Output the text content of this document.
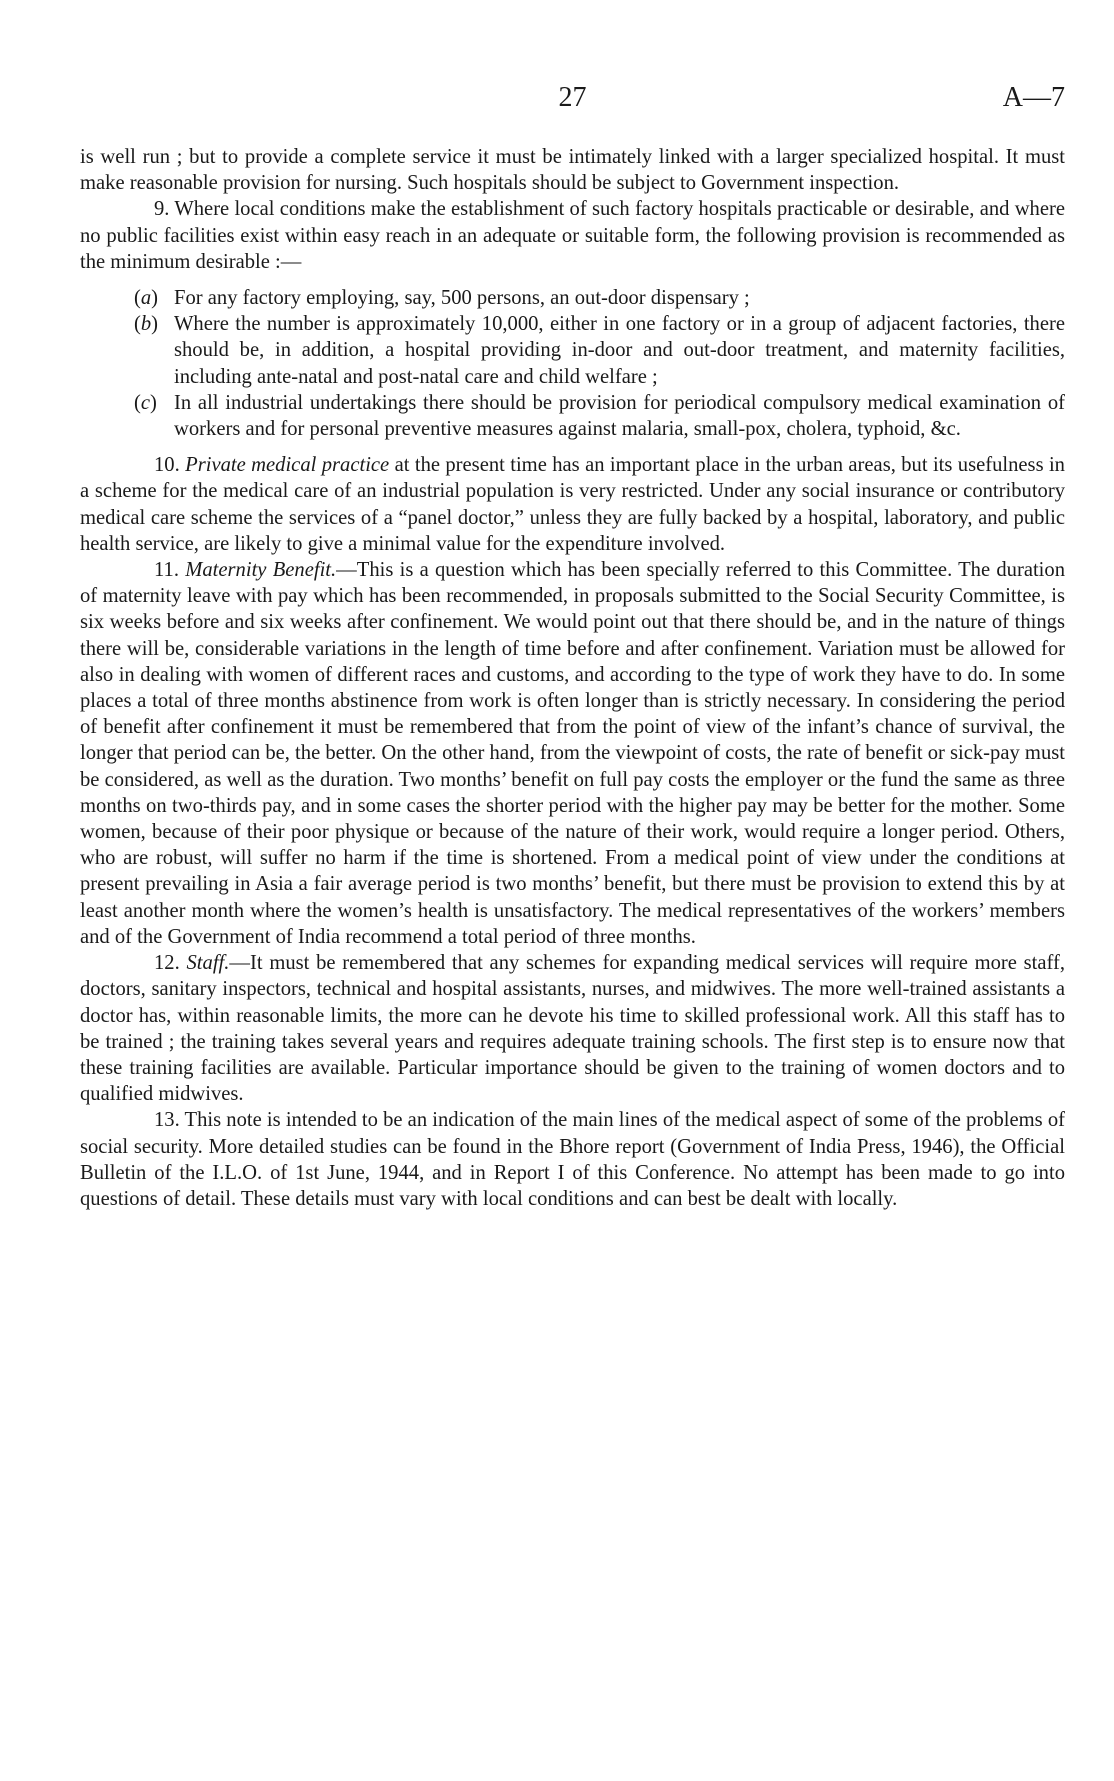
27	A—7

is well run ; but to provide a complete service it must be intimately linked with a larger specialized hospital. It must make reasonable provision for nursing. Such hospitals should be subject to Government inspection.

9. Where local conditions make the establishment of such factory hospitals practicable or desirable, and where no public facilities exist within easy reach in an adequate or suitable form, the following provision is recommended as the minimum desirable :—

(a) For any factory employing, say, 500 persons, an out-door dispensary ;
(b) Where the number is approximately 10,000, either in one factory or in a group of adjacent factories, there should be, in addition, a hospital providing in-door and out-door treatment, and maternity facilities, including ante-natal and post-natal care and child welfare ;
(c) In all industrial undertakings there should be provision for periodical compulsory medical examination of workers and for personal preventive measures against malaria, small-pox, cholera, typhoid, &c.

10. Private medical practice at the present time has an important place in the urban areas, but its usefulness in a scheme for the medical care of an industrial population is very restricted. Under any social insurance or contributory medical care scheme the services of a “panel doctor,” unless they are fully backed by a hospital, laboratory, and public health service, are likely to give a minimal value for the expenditure involved.

11. Maternity Benefit.—This is a question which has been specially referred to this Committee. The duration of maternity leave with pay which has been recommended, in proposals submitted to the Social Security Committee, is six weeks before and six weeks after confinement. We would point out that there should be, and in the nature of things there will be, considerable variations in the length of time before and after confinement. Variation must be allowed for also in dealing with women of different races and customs, and according to the type of work they have to do. In some places a total of three months abstinence from work is often longer than is strictly necessary. In considering the period of benefit after confinement it must be remembered that from the point of view of the infant’s chance of survival, the longer that period can be, the better. On the other hand, from the viewpoint of costs, the rate of benefit or sick-pay must be considered, as well as the duration. Two months’ benefit on full pay costs the employer or the fund the same as three months on two-thirds pay, and in some cases the shorter period with the higher pay may be better for the mother. Some women, because of their poor physique or because of the nature of their work, would require a longer period. Others, who are robust, will suffer no harm if the time is shortened. From a medical point of view under the conditions at present prevailing in Asia a fair average period is two months’ benefit, but there must be provision to extend this by at least another month where the women’s health is unsatisfactory. The medical representatives of the workers’ members and of the Government of India recommend a total period of three months.

12. Staff.—It must be remembered that any schemes for expanding medical services will require more staff, doctors, sanitary inspectors, technical and hospital assistants, nurses, and midwives. The more well-trained assistants a doctor has, within reasonable limits, the more can he devote his time to skilled professional work. All this staff has to be trained ; the training takes several years and requires adequate training schools. The first step is to ensure now that these training facilities are available. Particular importance should be given to the training of women doctors and to qualified midwives.

13. This note is intended to be an indication of the main lines of the medical aspect of some of the problems of social security. More detailed studies can be found in the Bhore report (Government of India Press, 1946), the Official Bulletin of the I.L.O. of 1st June, 1944, and in Report I of this Conference. No attempt has been made to go into questions of detail. These details must vary with local conditions and can best be dealt with locally.
